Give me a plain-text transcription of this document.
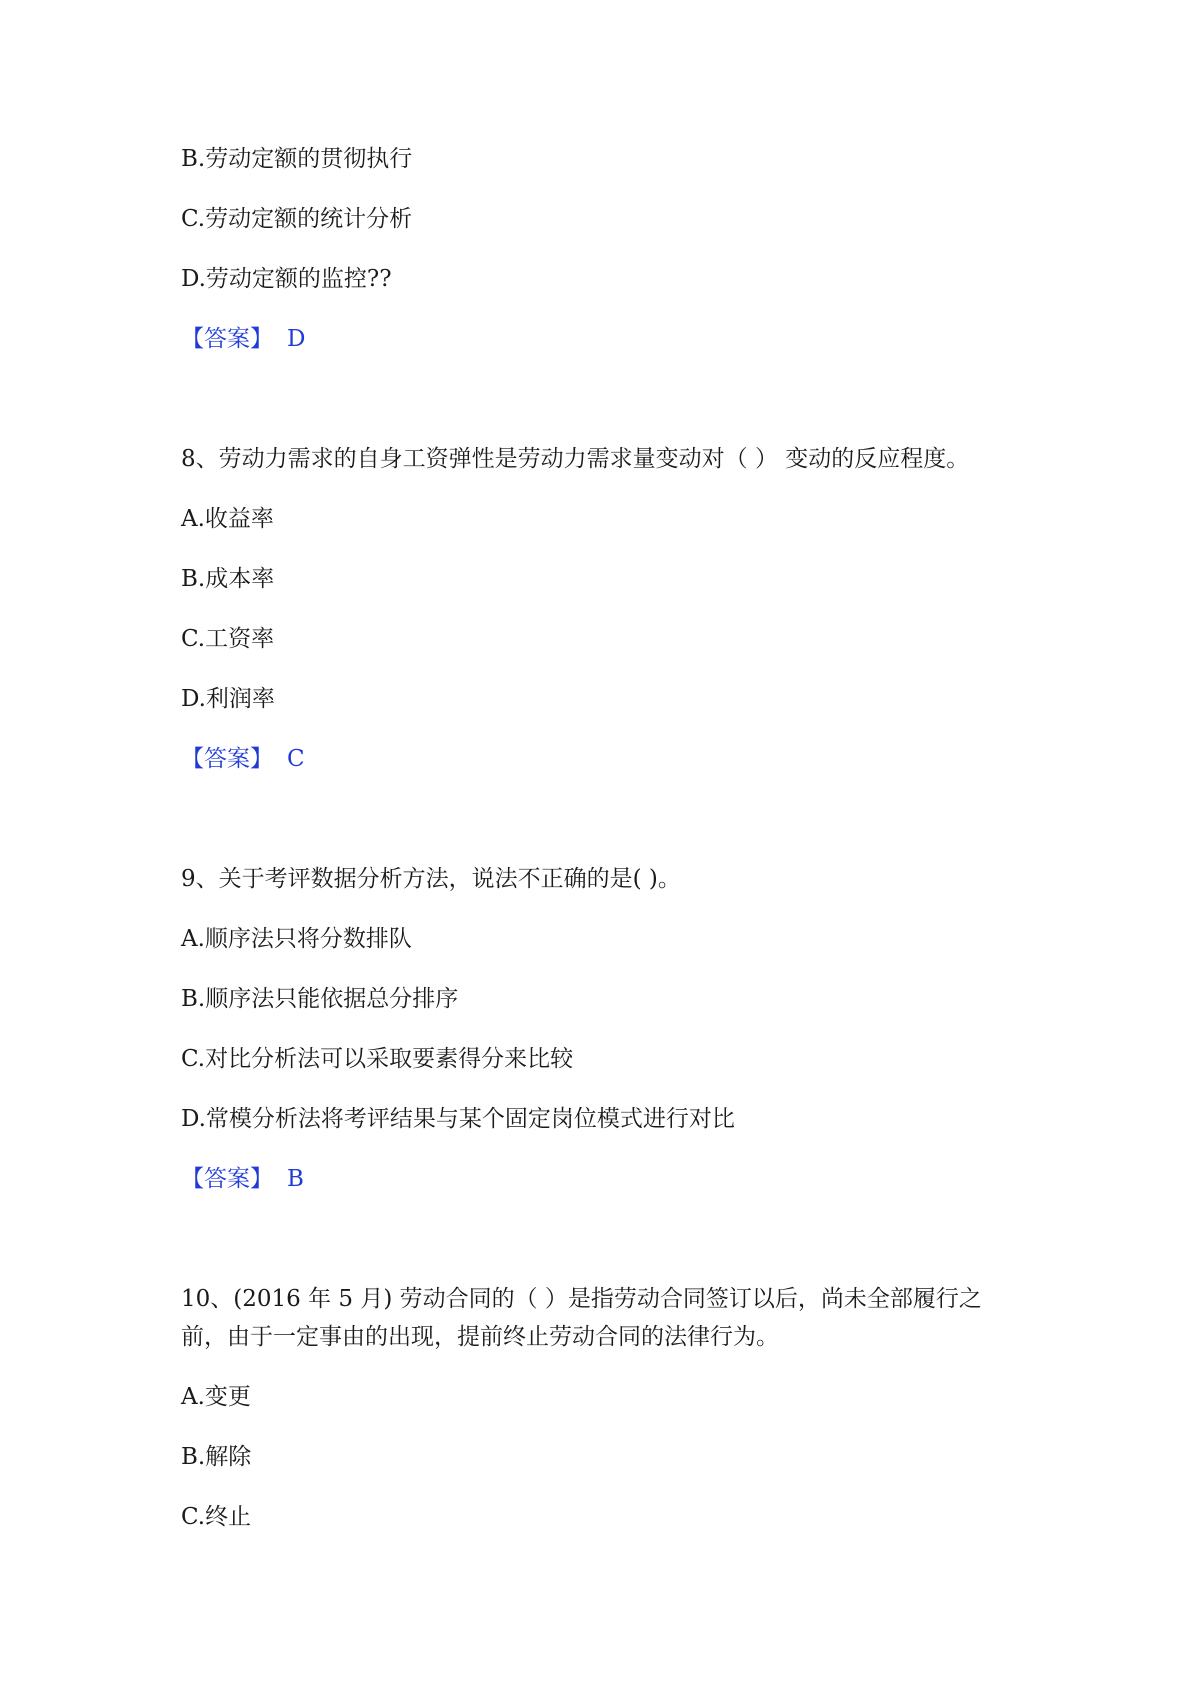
B.劳动定额的贯彻执行
C.劳动定额的统计分析
D.劳动定额的监控??
【答案】 D
8、劳动力需求的自身工资弹性是劳动力需求量变动对（ ） 变动的反应程度。
A.收益率
B.成本率
C.工资率
D.利润率
【答案】 C
9、关于考评数据分析方法，说法不正确的是( )。
A.顺序法只将分数排队
B.顺序法只能依据总分排序
C.对比分析法可以采取要素得分来比较
D.常模分析法将考评结果与某个固定岗位模式进行对比
【答案】 B
10、(2016 年 5 月) 劳动合同的（ ）是指劳动合同签订以后，尚未全部履行之
前，由于一定事由的出现，提前终止劳动合同的法律行为。
A.变更
B.解除
C.终止
